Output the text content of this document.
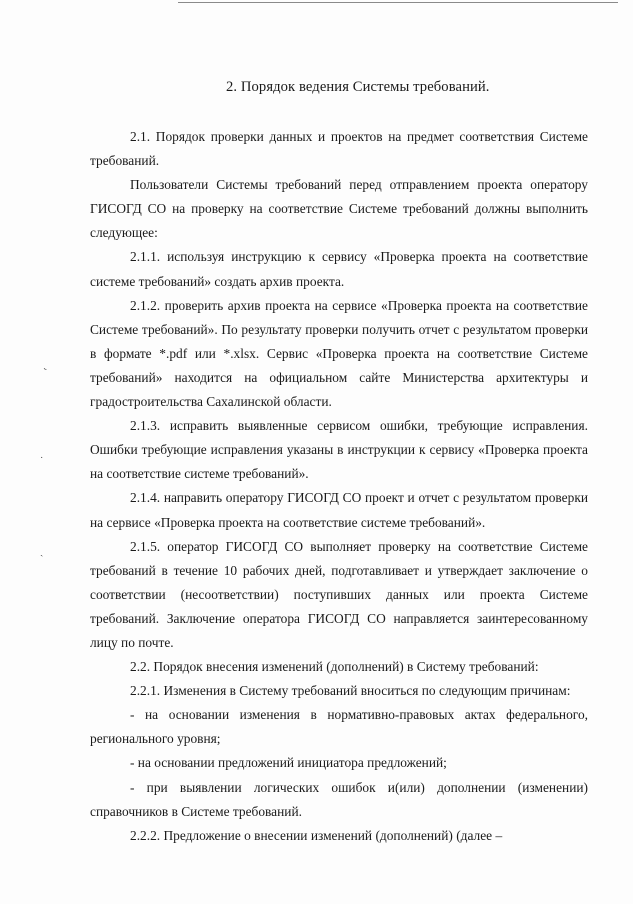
2. Порядок ведения Системы требований.

2.1. Порядок проверки данных и проектов на предмет соответствия Системе требований.

Пользователи Системы требований перед отправлением проекта оператору ГИСОГД СО на проверку на соответствие Системе требований должны выполнить следующее:

2.1.1. используя инструкцию к сервису «Проверка проекта на соответствие системе требований» создать архив проекта.

2.1.2. проверить архив проекта на сервисе «Проверка проекта на соответствие Системе требований». По результату проверки получить отчет с результатом проверки в формате *.pdf или *.xlsx. Сервис «Проверка проекта на соответствие Системе требований» находится на официальном сайте Министерства архитектуры и градостроительства Сахалинской области.

2.1.3. исправить выявленные сервисом ошибки, требующие исправления. Ошибки требующие исправления указаны в инструкции к сервису «Проверка проекта на соответствие системе требований».

2.1.4. направить оператору ГИСОГД СО проект и отчет с результатом проверки на сервисе «Проверка проекта на соответствие системе требований».

2.1.5. оператор ГИСОГД СО выполняет проверку на соответствие Системе требований в течение 10 рабочих дней, подготавливает и утверждает заключение о соответствии (несоответствии) поступивших данных или проекта Системе требований. Заключение оператора ГИСОГД СО направляется заинтересованному лицу по почте.

2.2. Порядок внесения изменений (дополнений) в Систему требований:

2.2.1. Изменения в Систему требований вноситься по следующим причинам:

- на основании изменения в нормативно-правовых актах федерального, регионального уровня;

- на основании предложений инициатора предложений;

- при выявлении логических ошибок и(или) дополнении (изменении) справочников в Системе требований.

2.2.2. Предложение о внесении изменений (дополнений) (далее –

˞
˙
ˏ
